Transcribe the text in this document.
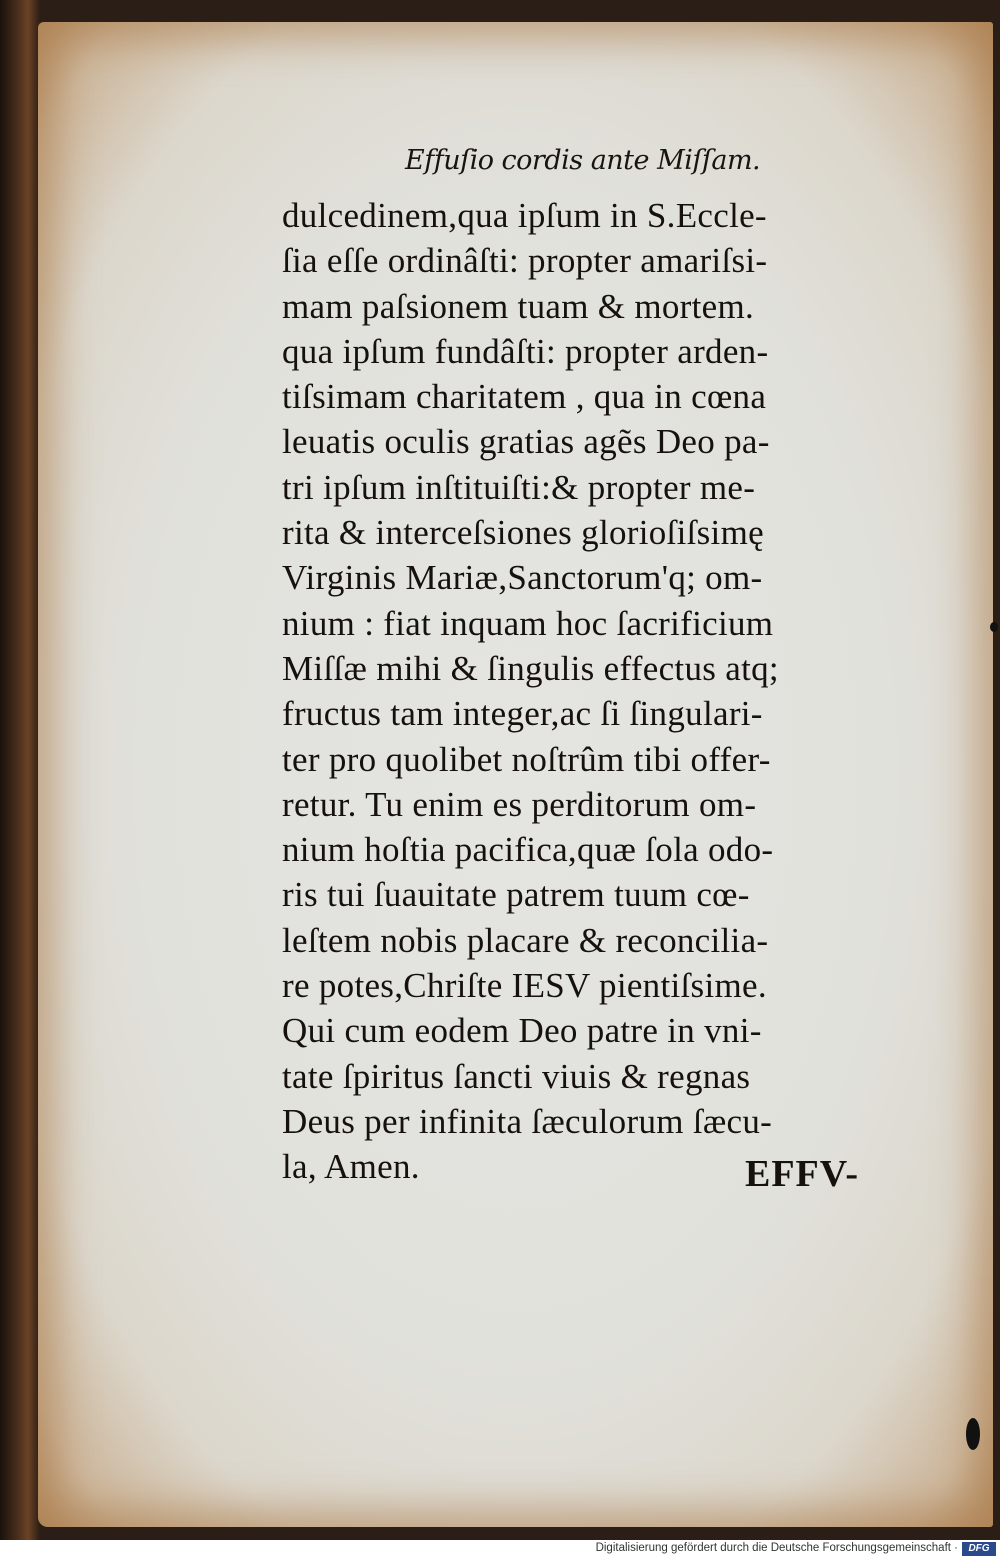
Effuſio cordis ante Miſſam.
dulcedinem,qua ipſum in S.Eccle-
ſia eſſe ordinâſti: propter amariſsi-
mam paſsionem tuam & mortem.
qua ipſum fundâſti: propter arden-
tiſsimam charitatem , qua in cœna
leuatis oculis gratias agẽs Deo pa-
tri ipſum inſtituiſti:& propter me-
rita & interceſsiones glorioſiſsimę
Virginis Mariæ,Sanctorum'q; om-
nium : fiat inquam hoc ſacrificium
Miſſæ mihi & ſingulis effectus atq;
fructus tam integer,ac ſi ſingulari-
ter pro quolibet noſtrûm tibi offer-
retur. Tu enim es perditorum om-
nium hoſtia pacifica,quæ ſola odo-
ris tui ſuauitate patrem tuum cœ-
leſtem nobis placare & reconcilia-
re potes,Chriſte IESV pientiſsime.
Qui cum eodem Deo patre in vni-
tate ſpiritus ſancti viuis & regnas
Deus per infinita ſæculorum ſæcu-
la, Amen.	EFFV-
Digitalisierung gefördert durch die Deutsche Forschungsgemeinschaft ·	DFG
